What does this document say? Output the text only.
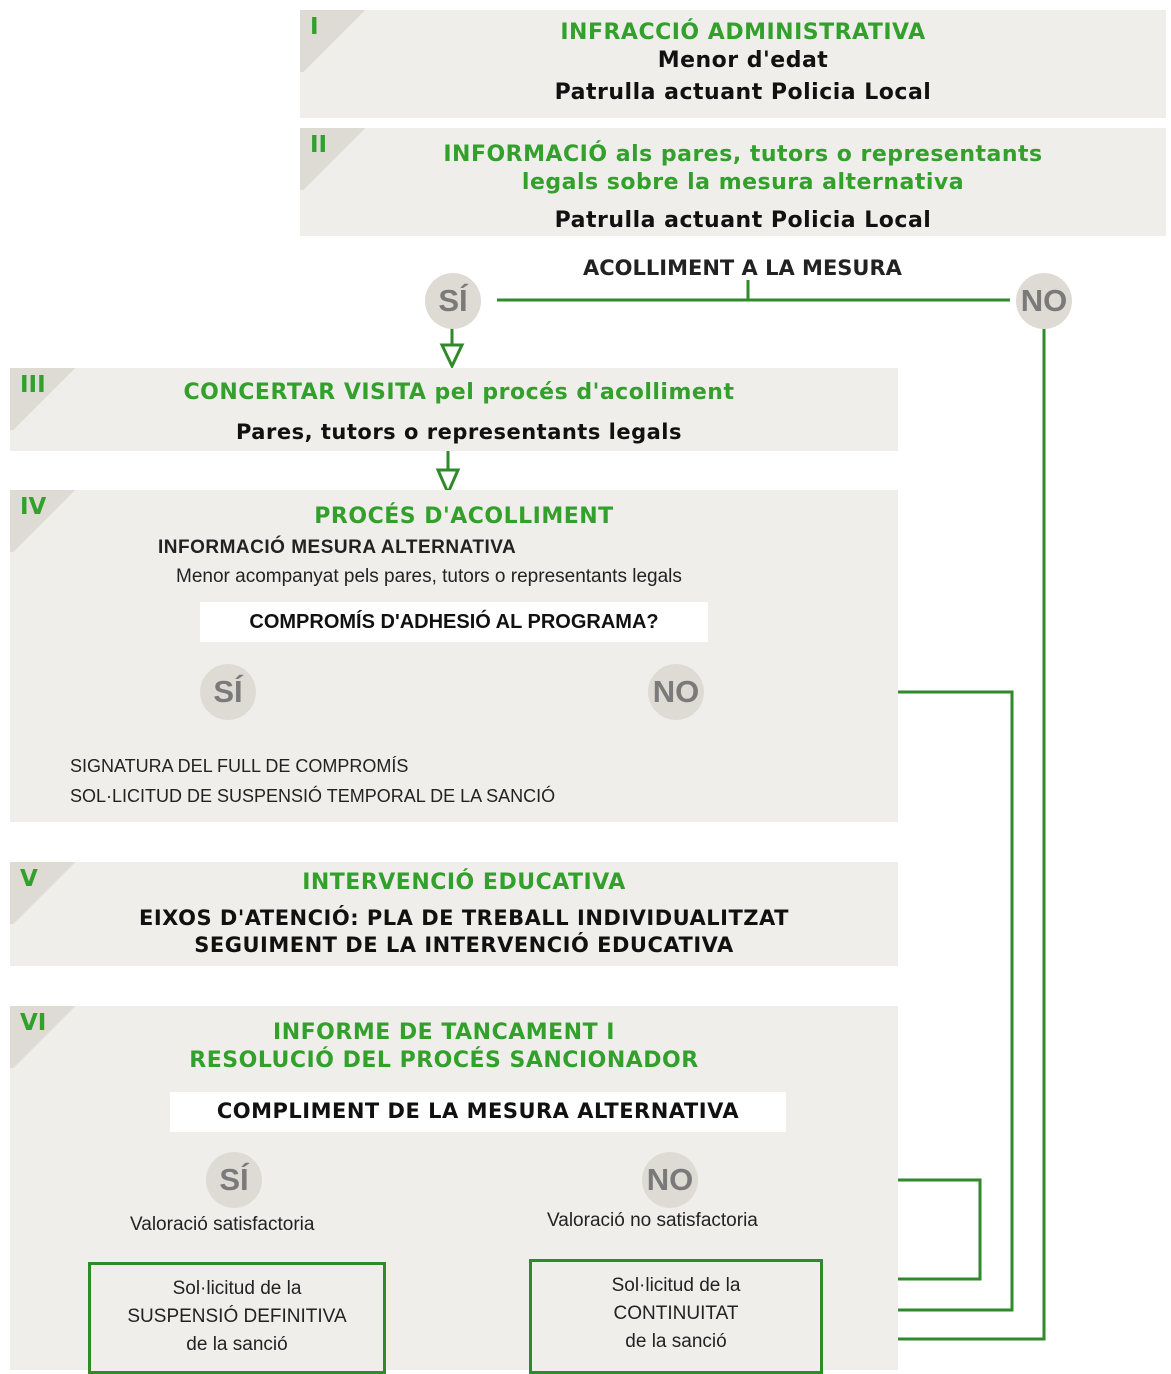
I	INFRACCIÓ ADMINISTRATIVA
Menor d'edat
Patrulla actuant Policia Local
II	INFORMACIÓ als pares, tutors o representants
legals sobre la mesura alternativa
Patrulla actuant Policia Local
ACOLLIMENT A LA MESURA
SÍ	NO
III	CONCERTAR VISITA pel procés d'acolliment
Pares, tutors o representants legals
IV	PROCÉS D'ACOLLIMENT
INFORMACIÓ MESURA ALTERNATIVA
Menor acompanyat pels pares, tutors o representants legals
COMPROMÍS D'ADHESIÓ AL PROGRAMA?
SIGNATURA DEL FULL DE COMPROMÍS
SOL·LICITUD DE SUSPENSIÓ TEMPORAL DE LA SANCIÓ
SÍ	NO
V	INTERVENCIÓ EDUCATIVA
EIXOS D'ATENCIÓ: PLA DE TREBALL INDIVIDUALITZAT
SEGUIMENT DE LA INTERVENCIÓ EDUCATIVA
VI	INFORME DE TANCAMENT I
RESOLUCIÓ DEL PROCÉS SANCIONADOR
COMPLIMENT DE LA MESURA ALTERNATIVA
SÍ	NO
Valoració satisfactoria	Valoració no satisfactoria
Sol·licitud de la
SUSPENSIÓ DEFINITIVA
de la sanció
Sol·licitud de la
CONTINUITAT
de la sanció
